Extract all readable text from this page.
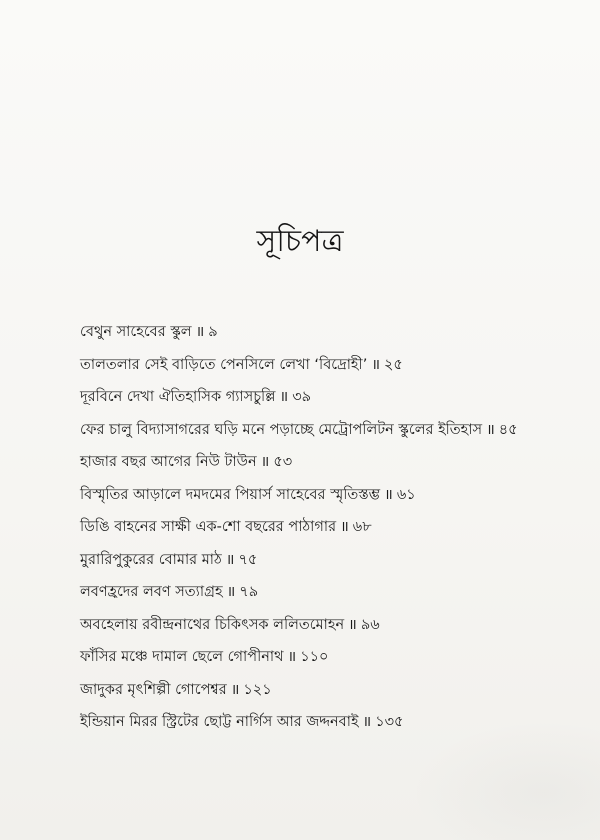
সূচিপত্র
বেথুন সাহেবের স্কুল ॥ ৯
তালতলার সেই বাড়িতে পেনসিলে লেখা ‘বিদ্রোহী’ ॥ ২৫
দূরবিনে দেখা ঐতিহাসিক গ্যাসচুল্লি ॥ ৩৯
ফের চালু বিদ্যাসাগরের ঘড়ি মনে পড়াচ্ছে মেট্রোপলিটন স্কুলের ইতিহাস ॥ ৪৫
হাজার বছর আগের নিউ টাউন ॥ ৫৩
বিস্মৃতির আড়ালে দমদমের পিয়ার্স সাহেবের স্মৃতিস্তম্ভ ॥ ৬১
ডিঙি বাহনের সাক্ষী এক-শো বছরের পাঠাগার ॥ ৬৮
মুরারিপুকুরের বোমার মাঠ ॥ ৭৫
লবণহ্রদের লবণ সত্যাগ্রহ ॥ ৭৯
অবহেলায় রবীন্দ্রনাথের চিকিৎসক ললিতমোহন ॥ ৯৬
ফাঁসির মঞ্চে দামাল ছেলে গোপীনাথ ॥ ১১০
জাদুকর মৃৎশিল্পী গোপেশ্বর ॥ ১২১
ইন্ডিয়ান মিরর স্ট্রিটের ছোট্ট নার্গিস আর জদ্দনবাই ॥ ১৩৫
